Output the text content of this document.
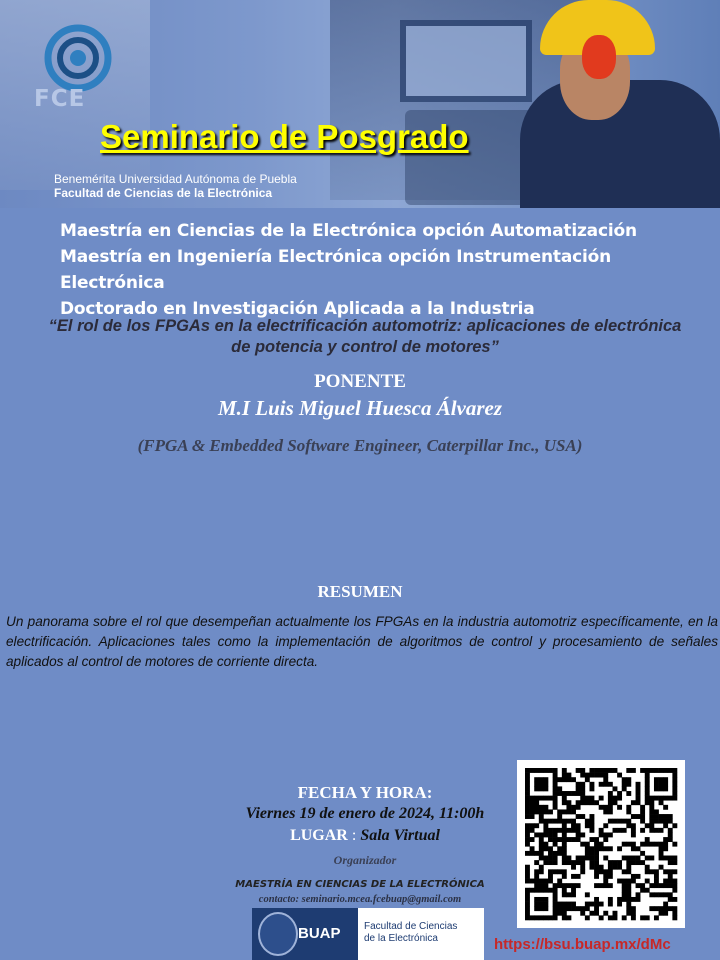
FCE
Seminario de Posgrado
Benemérita Universidad Autónoma de Puebla
Facultad de Ciencias de la Electrónica
Maestría en Ciencias de la Electrónica opción Automatización
Maestría en Ingeniería Electrónica opción Instrumentación Electrónica
Doctorado en Investigación Aplicada a la Industria
“El rol de los FPGAs en la electrificación automotriz: aplicaciones de electrónica
de potencia y control de motores”
PONENTE
M.I Luis Miguel Huesca Álvarez
(FPGA & Embedded Software Engineer, Caterpillar Inc., USA)
RESUMEN
Un panorama sobre el rol que desempeñan actualmente los FPGAs en la industria automotriz específicamente, en la electrificación. Aplicaciones tales como la implementación de algoritmos de control y procesamiento de señales aplicados al control de motores de corriente directa.
FECHA Y HORA:
Viernes 19 de enero de 2024, 11:00h
LUGAR : Sala Virtual
Organizador
MAESTRÍA EN CIENCIAS DE LA ELECTRÓNICA
contacto: seminario.mcea.fcebuap@gmail.com
BUAP Facultad de Ciencias
de la Electrónica	https://bsu.buap.mx/dMc
